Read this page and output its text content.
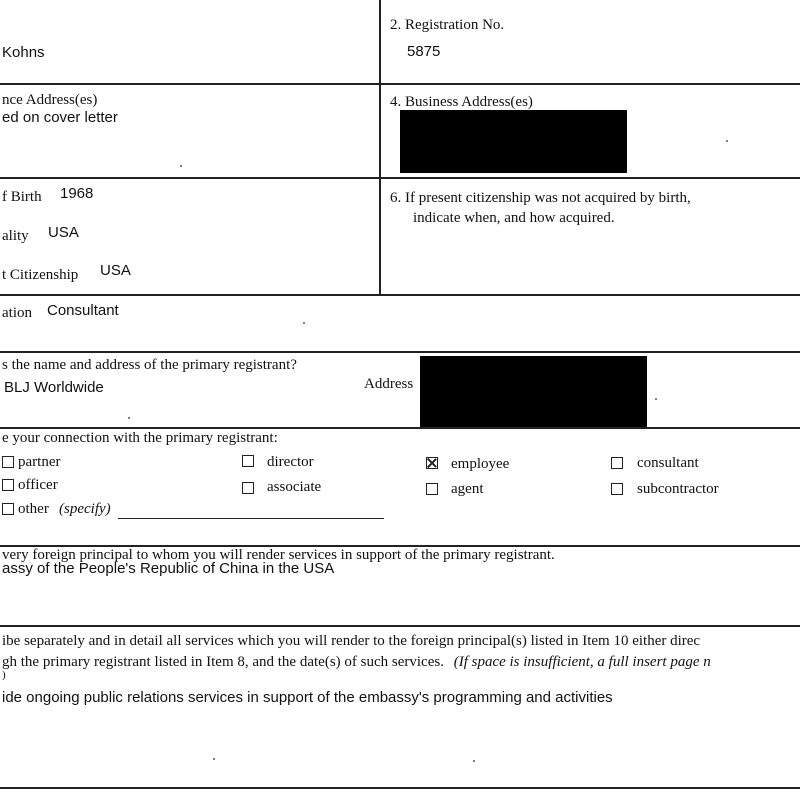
Kohns
2. Registration No.
5875
nce Address(es)
ed on cover letter
4. Business Address(es)
f Birth 1968
ality USA
t Citizenship USA
6. If present citizenship was not acquired by birth,
indicate when, and how acquired.
ation Consultant
s the name and address of the primary registrant?
BLJ Worldwide	Address
e your connection with the primary registrant:
partner	director	employee	consultant
officer	associate	agent	subcontractor
other (specify)
very foreign principal to whom you will render services in support of the primary registrant.
assy of the People's Republic of China in the USA
ibe separately and in detail all services which you will render to the foreign principal(s) listed in Item 10 either direc
gh the primary registrant listed in Item 8, and the date(s) of such services. (If space is insufficient, a full insert page n
)
ide ongoing public relations services in support of the embassy's programming and activities
